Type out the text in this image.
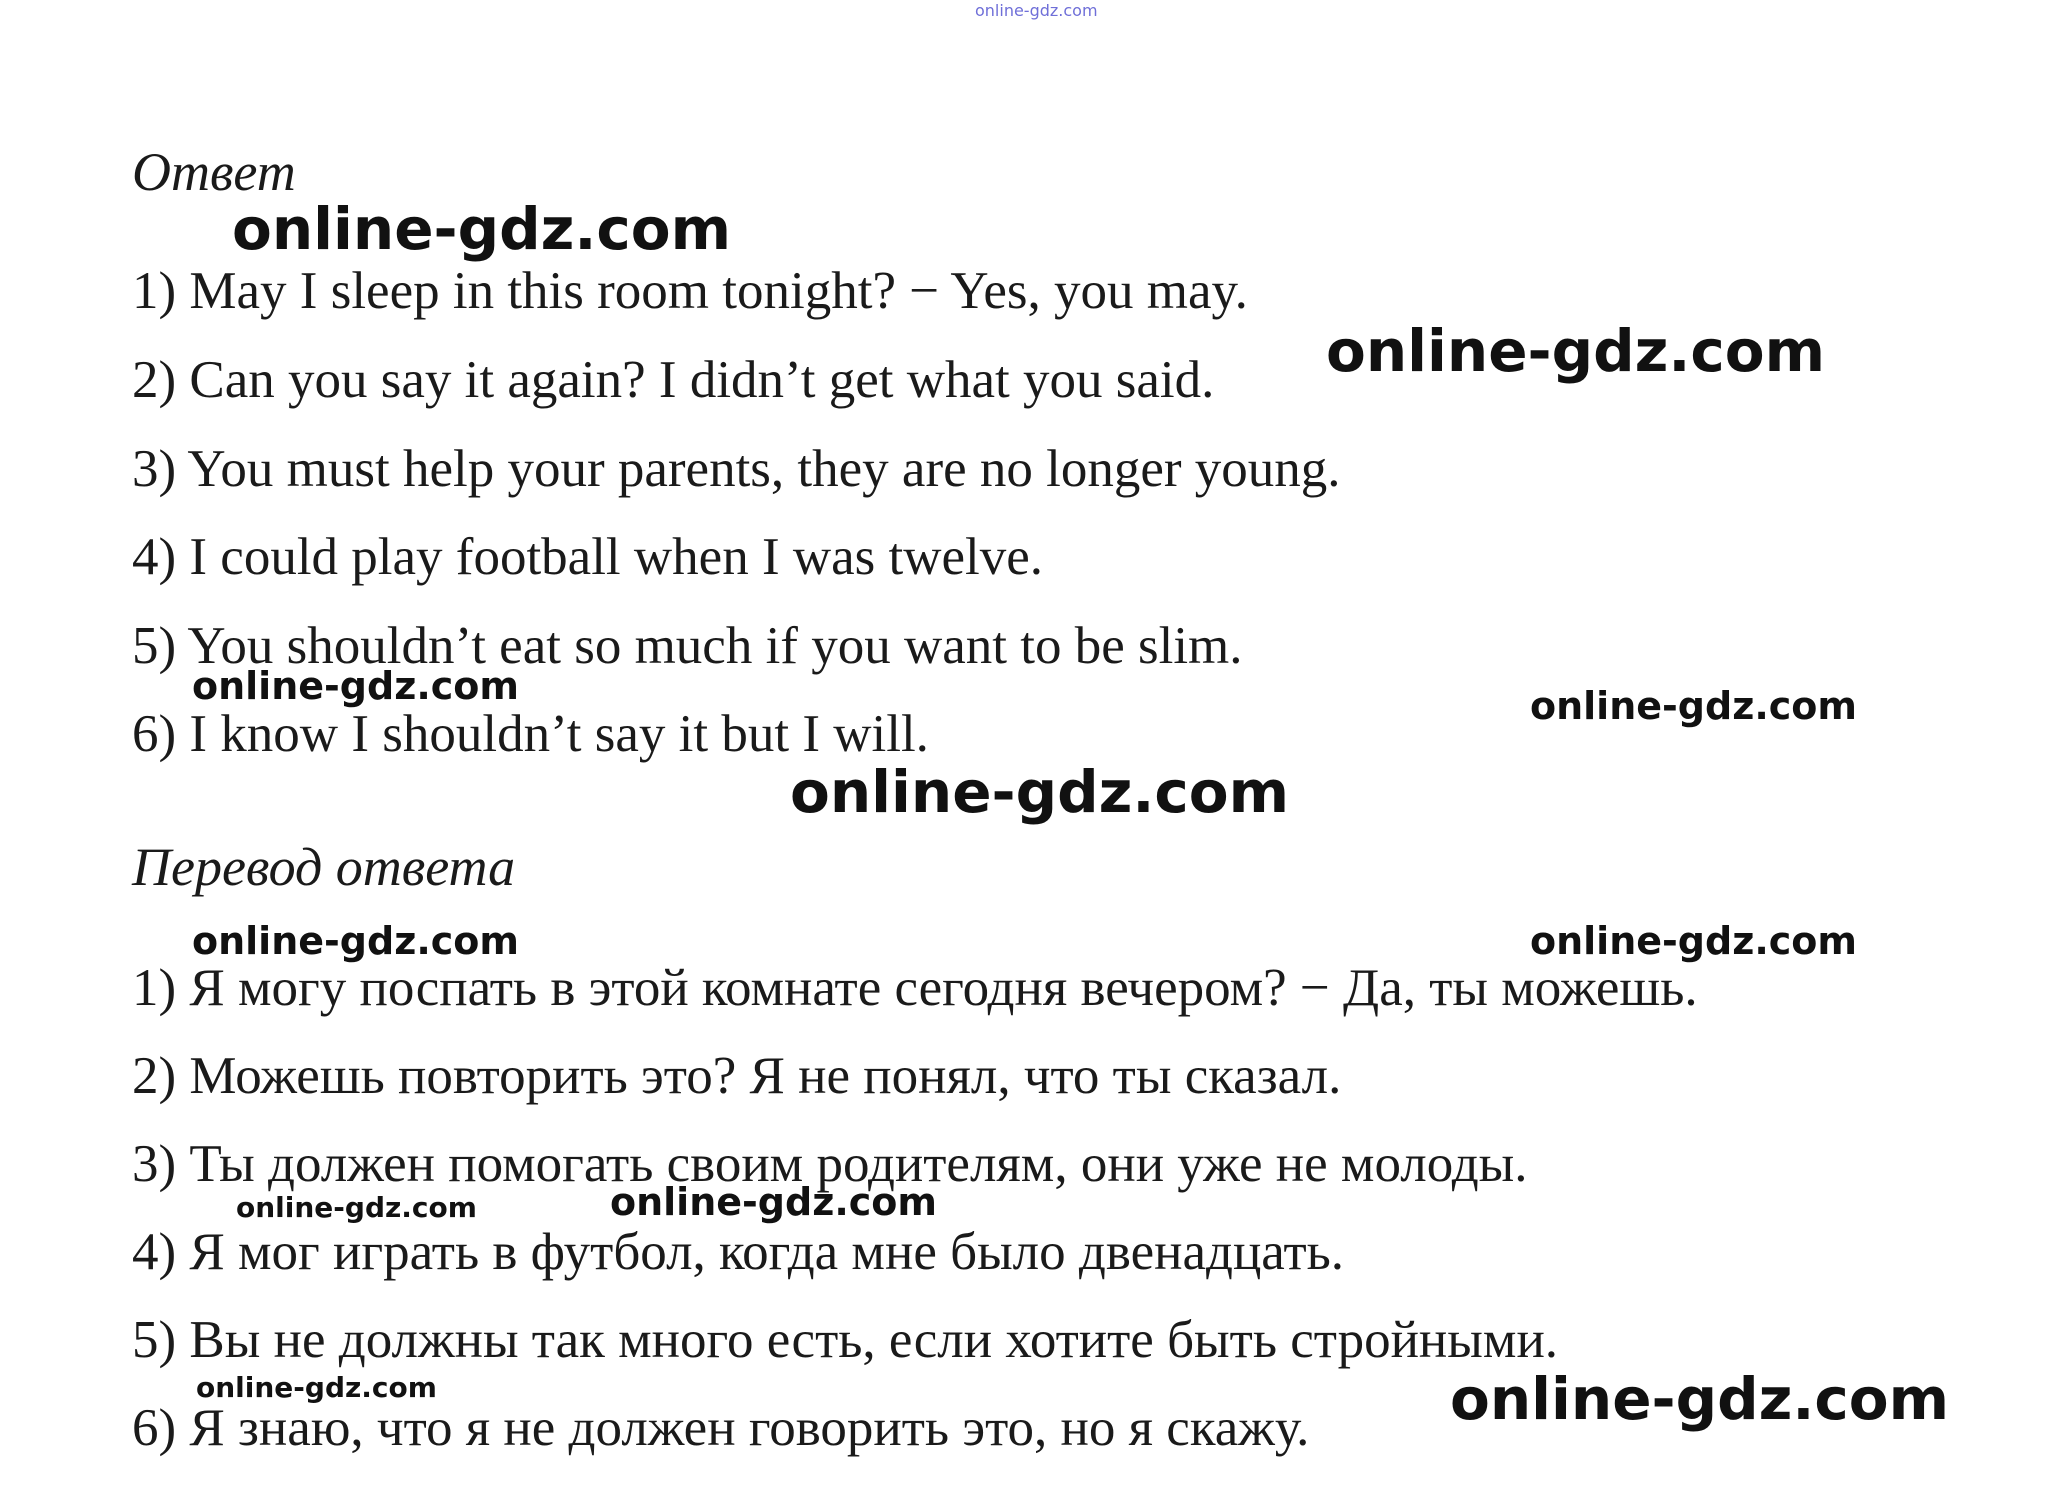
online-gdz.com
Ответ
online-gdz.com
1) May I sleep in this room tonight? − Yes, you may.
2) Can you say it again? I didn’t get what you said. online-gdz.com
3) You must help your parents, they are no longer young.
4) I could play football when I was twelve.
5) You shouldn’t eat so much if you want to be slim.
online-gdz.com	online-gdz.com
6) I know I shouldn’t say it but I will.
online-gdz.com
Перевод ответа
online-gdz.com	online-gdz.com
1) Я могу поспать в этой комнате сегодня вечером? − Да, ты можешь.
2) Можешь повторить это? Я не понял, что ты сказал.
3) Ты должен помогать своим родителям, они уже не молоды.
online-gdz.com	online-gdz.com
4) Я мог играть в футбол, когда мне было двенадцать.
5) Вы не должны так много есть, если хотите быть стройными.
online-gdz.com	online-gdz.com
6) Я знаю, что я не должен говорить это, но я скажу.
